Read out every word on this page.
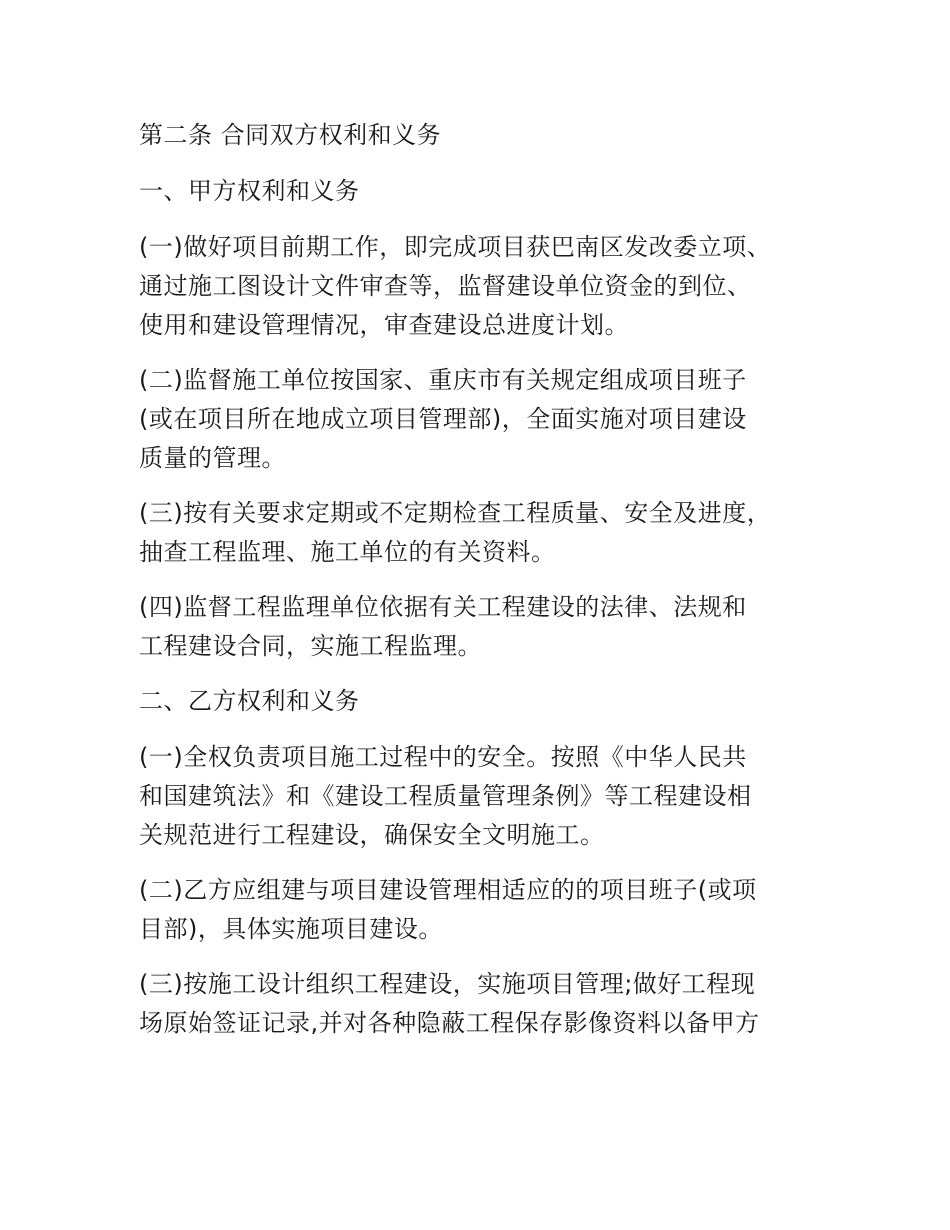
第二条 合同双方权利和义务
一、甲方权利和义务
(一)做好项目前期工作，即完成项目获巴南区发改委立项、
通过施工图设计文件审查等，监督建设单位资金的到位、
使用和建设管理情况，审查建设总进度计划。
(二)监督施工单位按国家、重庆市有关规定组成项目班子
(或在项目所在地成立项目管理部)，全面实施对项目建设
质量的管理。
(三)按有关要求定期或不定期检查工程质量、安全及进度，
抽查工程监理、施工单位的有关资料。
(四)监督工程监理单位依据有关工程建设的法律、法规和
工程建设合同，实施工程监理。
二、乙方权利和义务
(一)全权负责项目施工过程中的安全。按照《中华人民共
和国建筑法》和《建设工程质量管理条例》等工程建设相
关规范进行工程建设，确保安全文明施工。
(二)乙方应组建与项目建设管理相适应的的项目班子(或项
目部)，具体实施项目建设。
(三)按施工设计组织工程建设，实施项目管理;做好工程现
场原始签证记录,并对各种隐蔽工程保存影像资料以备甲方
